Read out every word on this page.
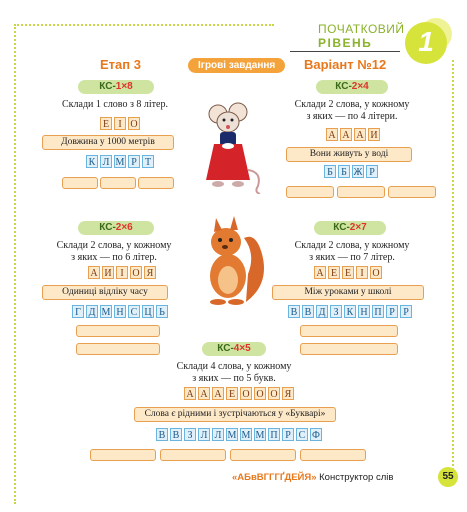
ПОЧАТКОВИЙ
РІВЕНЬ	1
Етап 3	Ігрові завдання	Варіант №12
КС-1×8
Склади 1 слово з 8 літер.
Е І О
Довжина у 1000 метрів
К Л М Р Т
КС-2×4
Склади 2 слова, у кожному
з яких — по 4 літери.
А А А И
Вони живуть у воді
Б Б Ж Р
КС-2×6
Склади 2 слова, у кожному
з яких — по 6 літер.
А И І О Я
Одиниці відліку часу
Г Д М Н С Ц Ь
КС-2×7
Склади 2 слова, у кожному
з яких — по 7 літер.
А Е Е І О
Між уроками у школі
В В Д З К Н П Р Р
КС-4×5
Склади 4 слова, у кожному
з яких — по 5 букв.
А А А Е О О О Я
Слова є рідними і зустрічаються у «Букварі»
В В З Л Л М М М П Р С Ф
«АБвВГГГҐДЕЙЯ» Конструктор слів	55
